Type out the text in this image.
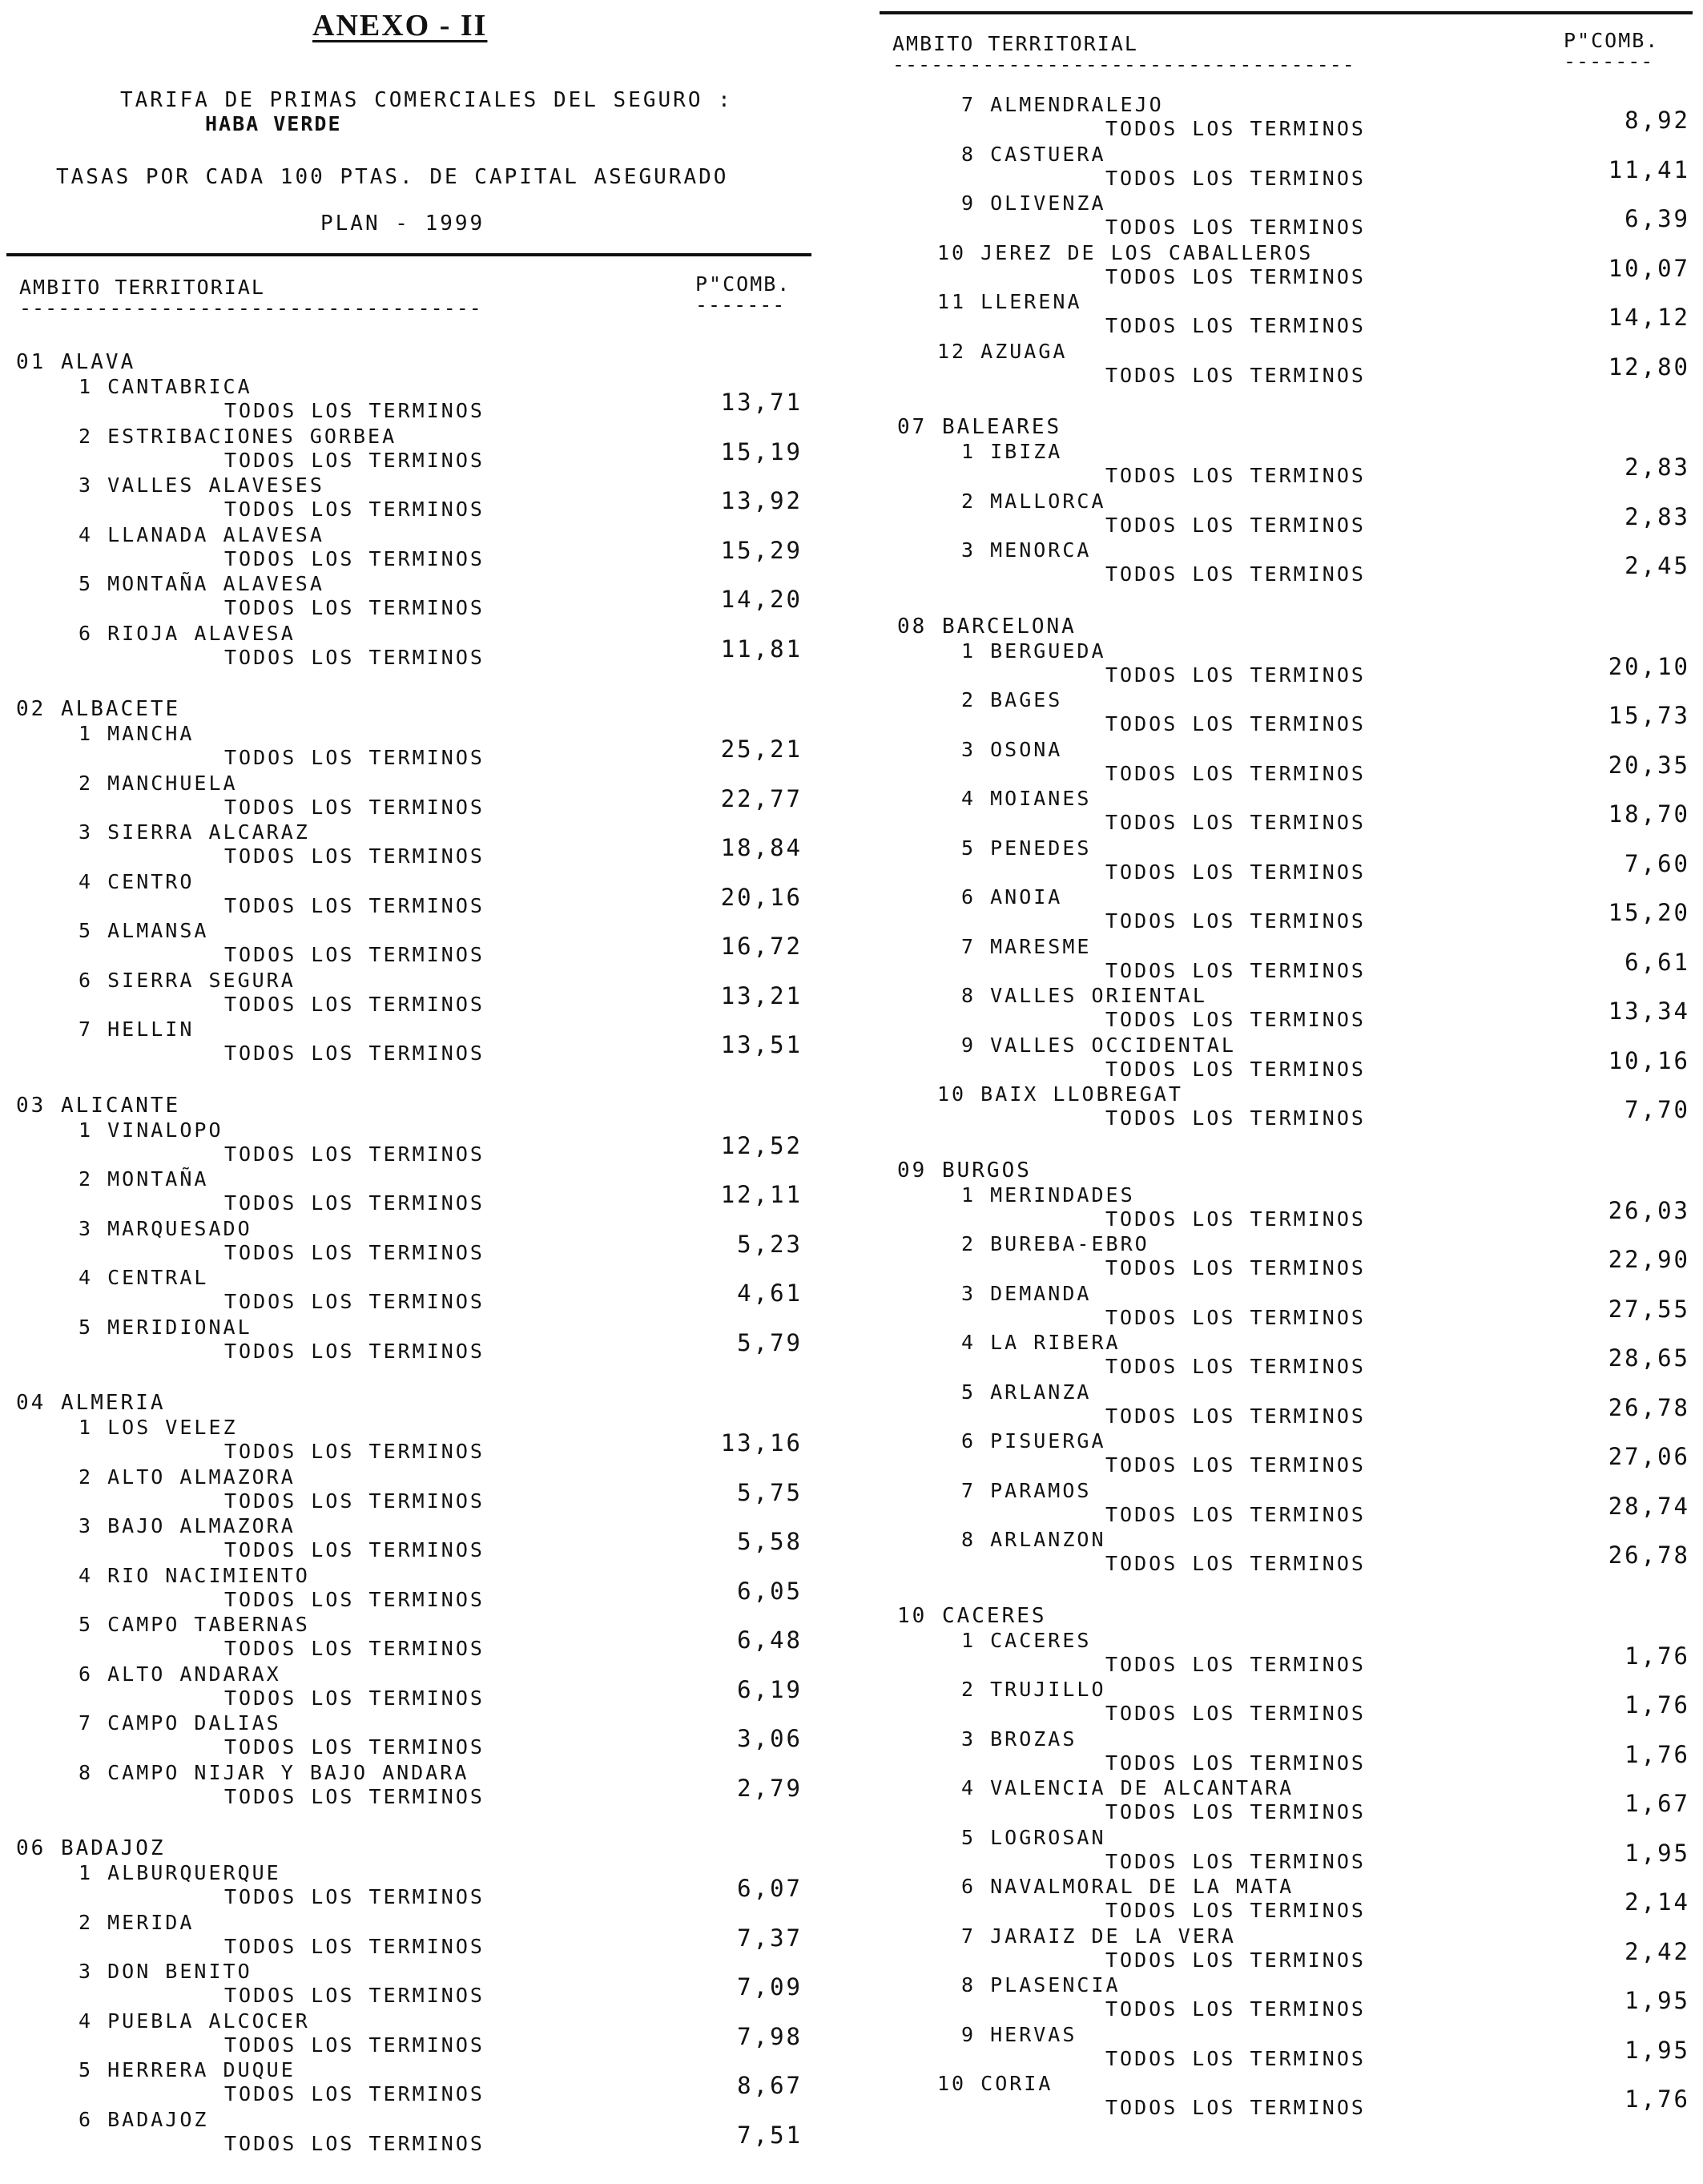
ANEXO - II
TARIFA DE PRIMAS COMERCIALES DEL SEGURO :
HABA VERDE
TASAS POR CADA 100 PTAS. DE CAPITAL ASEGURADO
PLAN - 1999
AMBITO TERRITORIAL	P"COMB.
------------------------------------	-------
01 ALAVA
1 CANTABRICA
TODOS LOS TERMINOS	13,71
2 ESTRIBACIONES GORBEA
TODOS LOS TERMINOS	15,19
3 VALLES ALAVESES
TODOS LOS TERMINOS	13,92
4 LLANADA ALAVESA
TODOS LOS TERMINOS	15,29
5 MONTAÑA ALAVESA
TODOS LOS TERMINOS	14,20
6 RIOJA ALAVESA
TODOS LOS TERMINOS	11,81
02 ALBACETE
1 MANCHA
TODOS LOS TERMINOS	25,21
2 MANCHUELA
TODOS LOS TERMINOS	22,77
3 SIERRA ALCARAZ
TODOS LOS TERMINOS	18,84
4 CENTRO
TODOS LOS TERMINOS	20,16
5 ALMANSA
TODOS LOS TERMINOS	16,72
6 SIERRA SEGURA
TODOS LOS TERMINOS	13,21
7 HELLIN
TODOS LOS TERMINOS	13,51
03 ALICANTE
1 VINALOPO
TODOS LOS TERMINOS	12,52
2 MONTAÑA
TODOS LOS TERMINOS	12,11
3 MARQUESADO
TODOS LOS TERMINOS	5,23
4 CENTRAL
TODOS LOS TERMINOS	4,61
5 MERIDIONAL
TODOS LOS TERMINOS	5,79
04 ALMERIA
1 LOS VELEZ
TODOS LOS TERMINOS	13,16
2 ALTO ALMAZORA
TODOS LOS TERMINOS	5,75
3 BAJO ALMAZORA
TODOS LOS TERMINOS	5,58
4 RIO NACIMIENTO
TODOS LOS TERMINOS	6,05
5 CAMPO TABERNAS
TODOS LOS TERMINOS	6,48
6 ALTO ANDARAX
TODOS LOS TERMINOS	6,19
7 CAMPO DALIAS
TODOS LOS TERMINOS	3,06
8 CAMPO NIJAR Y BAJO ANDARA
TODOS LOS TERMINOS	2,79
06 BADAJOZ
1 ALBURQUERQUE
TODOS LOS TERMINOS	6,07
2 MERIDA
TODOS LOS TERMINOS	7,37
3 DON BENITO
TODOS LOS TERMINOS	7,09
4 PUEBLA ALCOCER
TODOS LOS TERMINOS	7,98
5 HERRERA DUQUE
TODOS LOS TERMINOS	8,67
6 BADAJOZ
TODOS LOS TERMINOS	7,51
AMBITO TERRITORIAL	P"COMB.
------------------------------------	-------
7 ALMENDRALEJO
TODOS LOS TERMINOS	8,92
8 CASTUERA
TODOS LOS TERMINOS	11,41
9 OLIVENZA
TODOS LOS TERMINOS	6,39
10 JEREZ DE LOS CABALLEROS
TODOS LOS TERMINOS	10,07
11 LLERENA
TODOS LOS TERMINOS	14,12
12 AZUAGA
TODOS LOS TERMINOS	12,80
07 BALEARES
1 IBIZA
TODOS LOS TERMINOS	2,83
2 MALLORCA
TODOS LOS TERMINOS	2,83
3 MENORCA
TODOS LOS TERMINOS	2,45
08 BARCELONA
1 BERGUEDA
TODOS LOS TERMINOS	20,10
2 BAGES
TODOS LOS TERMINOS	15,73
3 OSONA
TODOS LOS TERMINOS	20,35
4 MOIANES
TODOS LOS TERMINOS	18,70
5 PENEDES
TODOS LOS TERMINOS	7,60
6 ANOIA
TODOS LOS TERMINOS	15,20
7 MARESME
TODOS LOS TERMINOS	6,61
8 VALLES ORIENTAL
TODOS LOS TERMINOS	13,34
9 VALLES OCCIDENTAL
TODOS LOS TERMINOS	10,16
10 BAIX LLOBREGAT
TODOS LOS TERMINOS	7,70
09 BURGOS
1 MERINDADES
TODOS LOS TERMINOS	26,03
2 BUREBA-EBRO
TODOS LOS TERMINOS	22,90
3 DEMANDA
TODOS LOS TERMINOS	27,55
4 LA RIBERA
TODOS LOS TERMINOS	28,65
5 ARLANZA
TODOS LOS TERMINOS	26,78
6 PISUERGA
TODOS LOS TERMINOS	27,06
7 PARAMOS
TODOS LOS TERMINOS	28,74
8 ARLANZON
TODOS LOS TERMINOS	26,78
10 CACERES
1 CACERES
TODOS LOS TERMINOS	1,76
2 TRUJILLO
TODOS LOS TERMINOS	1,76
3 BROZAS
TODOS LOS TERMINOS	1,76
4 VALENCIA DE ALCANTARA
TODOS LOS TERMINOS	1,67
5 LOGROSAN
TODOS LOS TERMINOS	1,95
6 NAVALMORAL DE LA MATA
TODOS LOS TERMINOS	2,14
7 JARAIZ DE LA VERA
TODOS LOS TERMINOS	2,42
8 PLASENCIA
TODOS LOS TERMINOS	1,95
9 HERVAS
TODOS LOS TERMINOS	1,95
10 CORIA
TODOS LOS TERMINOS	1,76
